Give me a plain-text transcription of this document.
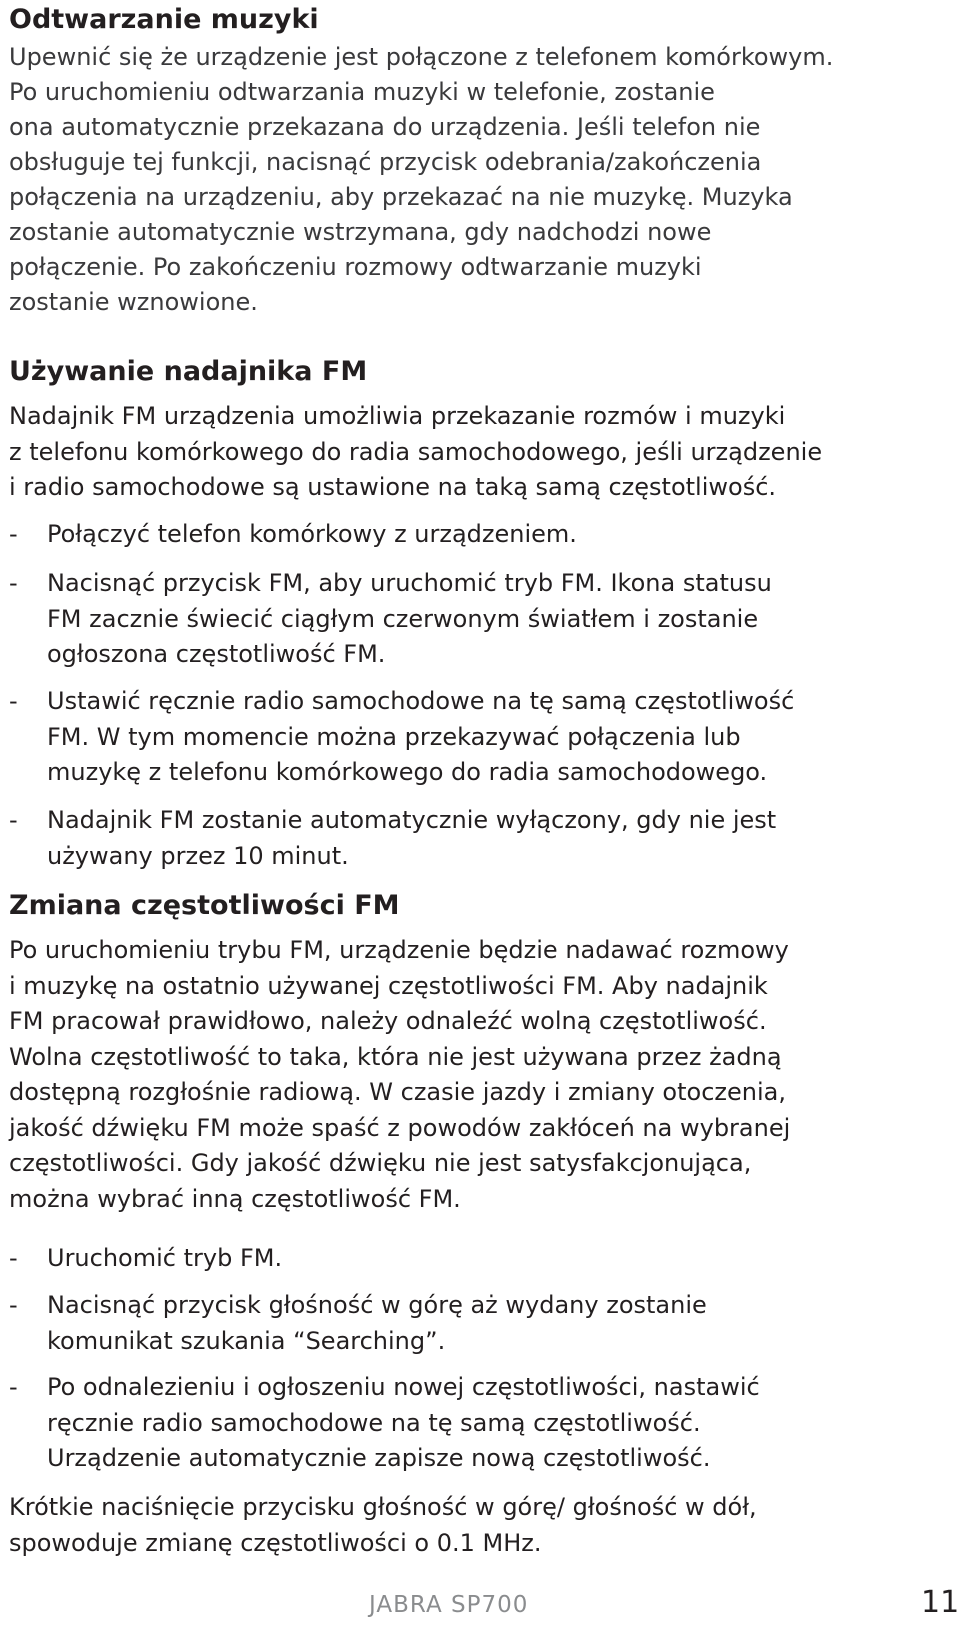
Odtwarzanie muzyki
Upewnić się że urządzenie jest połączone z telefonem komórkowym.
Po uruchomieniu odtwarzania muzyki w telefonie, zostanie
ona automatycznie przekazana do urządzenia. Jeśli telefon nie
obsługuje tej funkcji, nacisnąć przycisk odebrania/zakończenia
połączenia na urządzeniu, aby przekazać na nie muzykę. Muzyka
zostanie automatycznie wstrzymana, gdy nadchodzi nowe
połączenie. Po zakończeniu rozmowy odtwarzanie muzyki
zostanie wznowione.
Używanie nadajnika FM
Nadajnik FM urządzenia umożliwia przekazanie rozmów i muzyki
z telefonu komórkowego do radia samochodowego, jeśli urządzenie
i radio samochodowe są ustawione na taką samą częstotliwość.
- Połączyć telefon komórkowy z urządzeniem.
- Nacisnąć przycisk FM, aby uruchomić tryb FM. Ikona statusu
FM zacznie świecić ciągłym czerwonym światłem i zostanie
ogłoszona częstotliwość FM.
- Ustawić ręcznie radio samochodowe na tę samą częstotliwość
FM. W tym momencie można przekazywać połączenia lub
muzykę z telefonu komórkowego do radia samochodowego.
- Nadajnik FM zostanie automatycznie wyłączony, gdy nie jest
używany przez 10 minut.
Zmiana częstotliwości FM
Po uruchomieniu trybu FM, urządzenie będzie nadawać rozmowy
i muzykę na ostatnio używanej częstotliwości FM. Aby nadajnik
FM pracował prawidłowo, należy odnaleźć wolną częstotliwość.
Wolna częstotliwość to taka, która nie jest używana przez żadną
dostępną rozgłośnie radiową. W czasie jazdy i zmiany otoczenia,
jakość dźwięku FM może spaść z powodów zakłóceń na wybranej
częstotliwości. Gdy jakość dźwięku nie jest satysfakcjonująca,
można wybrać inną częstotliwość FM.
- Uruchomić tryb FM.
- Nacisnąć przycisk głośność w górę aż wydany zostanie
komunikat szukania “Searching”.
- Po odnalezieniu i ogłoszeniu nowej częstotliwości, nastawić
ręcznie radio samochodowe na tę samą częstotliwość.
Urządzenie automatycznie zapisze nową częstotliwość.
Krótkie naciśnięcie przycisku głośność w górę/ głośność w dół,
spowoduje zmianę częstotliwości o 0.1 MHz.
JABRA SP700	11
